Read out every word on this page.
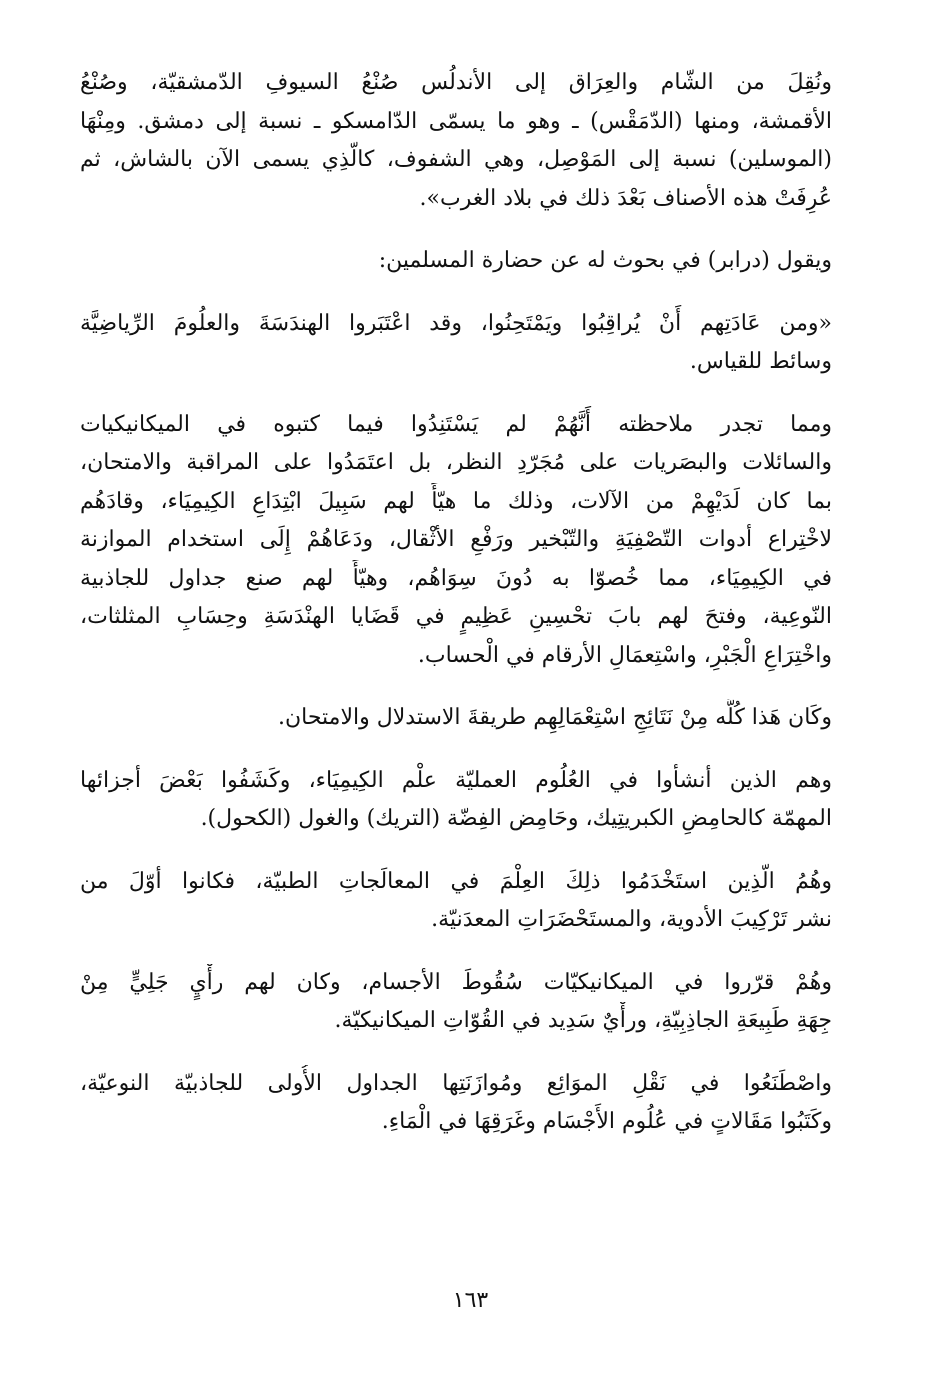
ونُقِلَ من الشّام والعِرَاق إلى الأندلُس صُنْعُ السيوفِ الدّمشقيّة، وصُنْعُ
الأقمشة، ومنها (الدّمَقْس) ـ وهو ما يسمّى الدّامسكو ـ نسبة إلى دمشق. ومِنْهَا
(الموسلين) نسبة إلى المَوْصِل، وهي الشفوف، كالّذِي يسمى الآن بالشاش، ثم
عُرِفَتْ هذه الأصناف بَعْدَ ذلك في بلاد الغرب».

ويقول (درابر) في بحوث له عن حضارة المسلمين:

«ومن عَادَتِهم أَنْ يُراقِبُوا ويَمْتَحِنُوا، وقد اعْتَبَروا الهندَسَةَ والعلُومَ الرِّياضِيَّة
وسائط للقياس.

ومما تجدر ملاحظته أَنَّهُمْ لم يَسْتَنِدُوا فيما كتبوه في الميكانيكيات
والسائلات والبصَريات على مُجَرّدِ النظر، بل اعتَمَدُوا على المراقبة والامتحان،
بما كان لَدَيْهِمْ من الآلات، وذلك ما هيّأَ لهم سَبِيلَ ابْتِدَاعِ الكِيمِيَاء، وقادَهُم
لاخْتِراع أدوات التّصْفِيَةِ والتّبْخير ورَفْعِ الأثْقال، ودَعَاهُمْ إِلَى استخدام الموازنة
في الكِيمِيَاء، مما خُصوّا به دُونَ سِوَاهُم، وهيّأَ لهم صنع جداول للجاذبية
النّوعِية، وفتحَ لهم بابَ تحْسِينِ عَظِيمٍ في قَضَايا الهنْدَسَةِ وحِسَابِ المثلثات،
واخْتِرَاعِ الْجَبْرِ، واسْتِعمَالِ الأرقام في الْحساب.

وكَان هَذا كُلُّه مِنْ نَتَائِجِ اسْتِعْمَالِهِم طريقةَ الاستدلال والامتحان.

وهم الذين أنشأوا في العُلُوم العمليّة علْم الكِيمِيَاء، وكَشَفُوا بَعْضَ أجزائها
المهمّة كالحامِضِ الكبريتِيك، وحَامِض الفِضّة (التريك) والغول (الكحول).

وهُمُ الّذِين استَخْدَمُوا ذلِكَ العِلْمَ في المعالَجاتِ الطبيّة، فكانوا أوّلَ من
نشر تَرْكِيبَ الأدوية، والمستَحْضَرَاتِ المعدَنيّة.

وهُمْ قرّروا في الميكانيكيّات سُقُوطَ الأجسام، وكان لهم رأْيٍ جَلِيٍّ مِنْ
جِهَةِ طَبِيعَةِ الجاذِبِيّةِ، ورأْيٌ سَدِيد في القُوّاتِ الميكانيكيّة.

واصْطَنَعُوا في نَقْلِ الموَائِع ومُوازَنَتِها الجداول الأُولى للجاذبيّة النوعيّة،
وكَتَبُوا مَقَالاتٍ في عُلُوم الأَجْسَام وغَرَقِهَا في الْمَاءِ.

١٦٣
